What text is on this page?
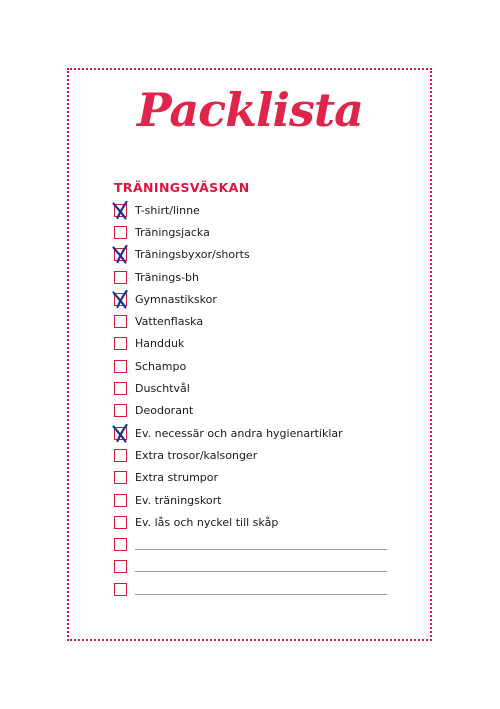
Packlista
TRÄNINGSVÄSKAN
T-shirt/linne
Träningsjacka
Träningsbyxor/shorts
Tränings-bh
Gymnastikskor
Vattenflaska
Handduk
Schampo
Duschtvål
Deodorant
Ev. necessär och andra hygienartiklar
Extra trosor/kalsonger
Extra strumpor
Ev. träningskort
Ev. lås och nyckel till skåp
